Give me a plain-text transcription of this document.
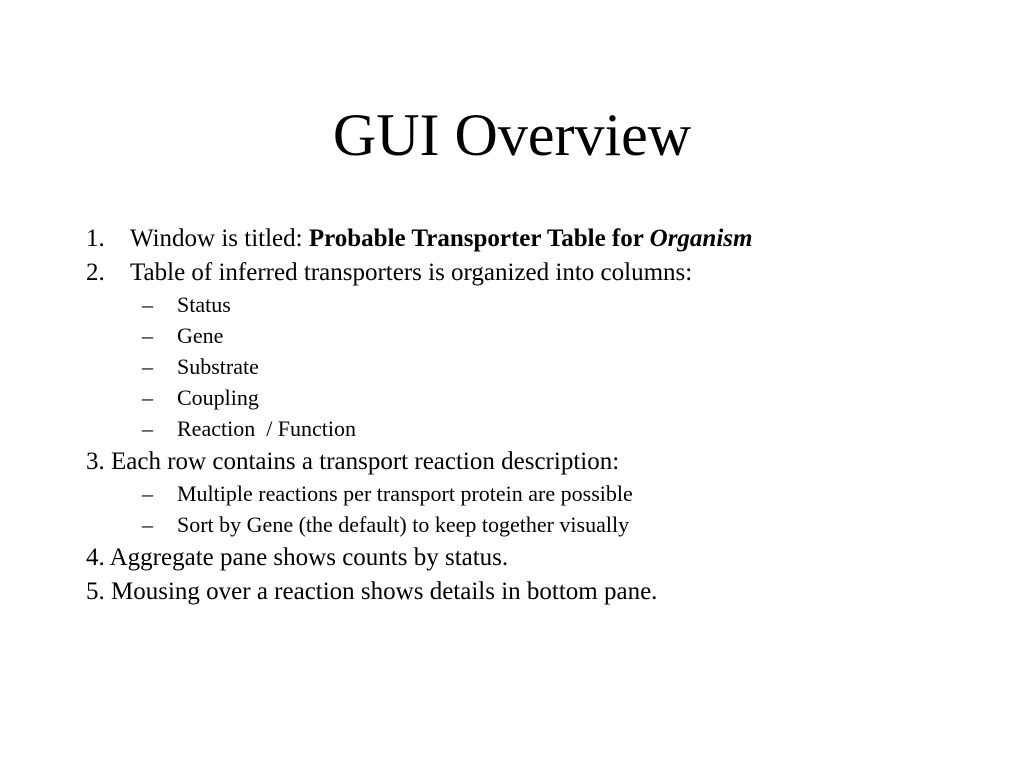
GUI Overview
1. Window is titled: Probable Transporter Table for Organism
2. Table of inferred transporters is organized into columns:
– Status
– Gene
– Substrate
– Coupling
– Reaction  / Function
3. Each row contains a transport reaction description:
– Multiple reactions per transport protein are possible
– Sort by Gene (the default) to keep together visually
4. Aggregate pane shows counts by status.
5. Mousing over a reaction shows details in bottom pane.
